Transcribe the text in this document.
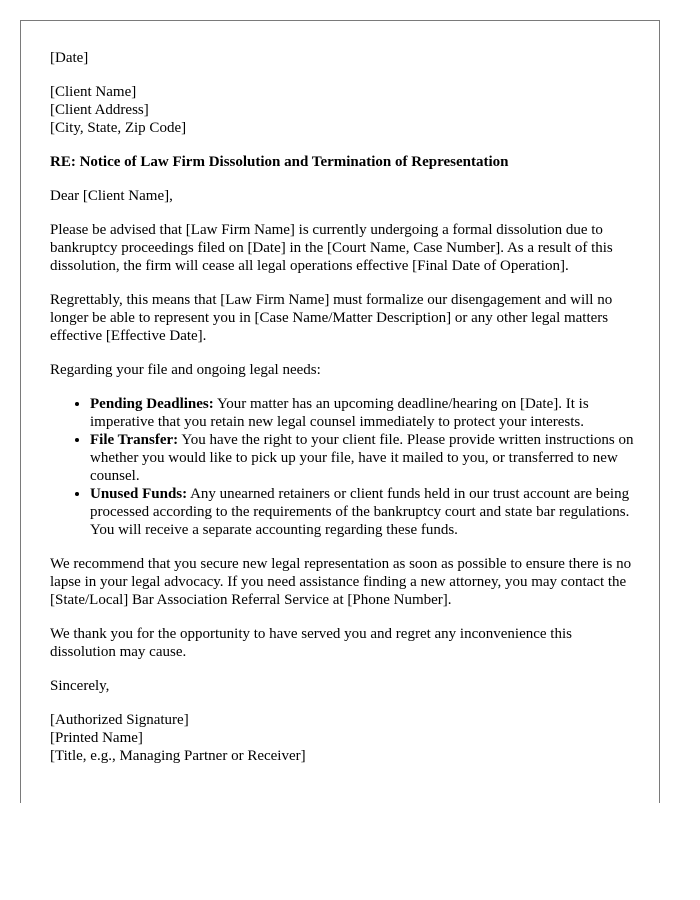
[Date]

[Client Name]
[Client Address]
[City, State, Zip Code]

RE: Notice of Law Firm Dissolution and Termination of Representation

Dear [Client Name],

Please be advised that [Law Firm Name] is currently undergoing a formal dissolution due to bankruptcy proceedings filed on [Date] in the [Court Name, Case Number]. As a result of this dissolution, the firm will cease all legal operations effective [Final Date of Operation].

Regrettably, this means that [Law Firm Name] must formalize our disengagement and will no longer be able to represent you in [Case Name/Matter Description] or any other legal matters effective [Effective Date].

Regarding your file and ongoing legal needs:

• Pending Deadlines: Your matter has an upcoming deadline/hearing on [Date]. It is imperative that you retain new legal counsel immediately to protect your interests.
• File Transfer: You have the right to your client file. Please provide written instructions on whether you would like to pick up your file, have it mailed to you, or transferred to new counsel.
• Unused Funds: Any unearned retainers or client funds held in our trust account are being processed according to the requirements of the bankruptcy court and state bar regulations. You will receive a separate accounting regarding these funds.

We recommend that you secure new legal representation as soon as possible to ensure there is no lapse in your legal advocacy. If you need assistance finding a new attorney, you may contact the [State/Local] Bar Association Referral Service at [Phone Number].

We thank you for the opportunity to have served you and regret any inconvenience this dissolution may cause.

Sincerely,

[Authorized Signature]
[Printed Name]
[Title, e.g., Managing Partner or Receiver]
